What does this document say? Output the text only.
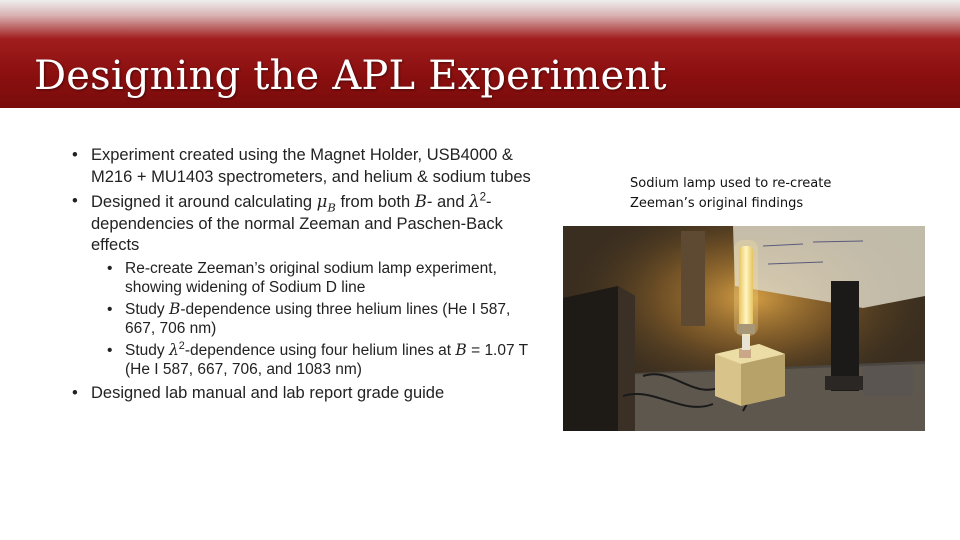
Designing the APL Experiment
• Experiment created using the Magnet Holder, USB4000 & M216 + MU1403 spectrometers, and helium & sodium tubes
• Designed it around calculating $\mu_B$ from both B- and $\lambda^2$-dependencies of the normal Zeeman and Paschen-Back effects
• Re-create Zeeman’s original sodium lamp experiment, showing widening of Sodium D line
• Study B-dependence using three helium lines (He I 587, 667, 706 nm)
• Study $\lambda^2$-dependence using four helium lines at B = 1.07 T (He I 587, 667, 706, and 1083 nm)
• Designed lab manual and lab report grade guide
Sodium lamp used to re-create Zeeman’s original findings
